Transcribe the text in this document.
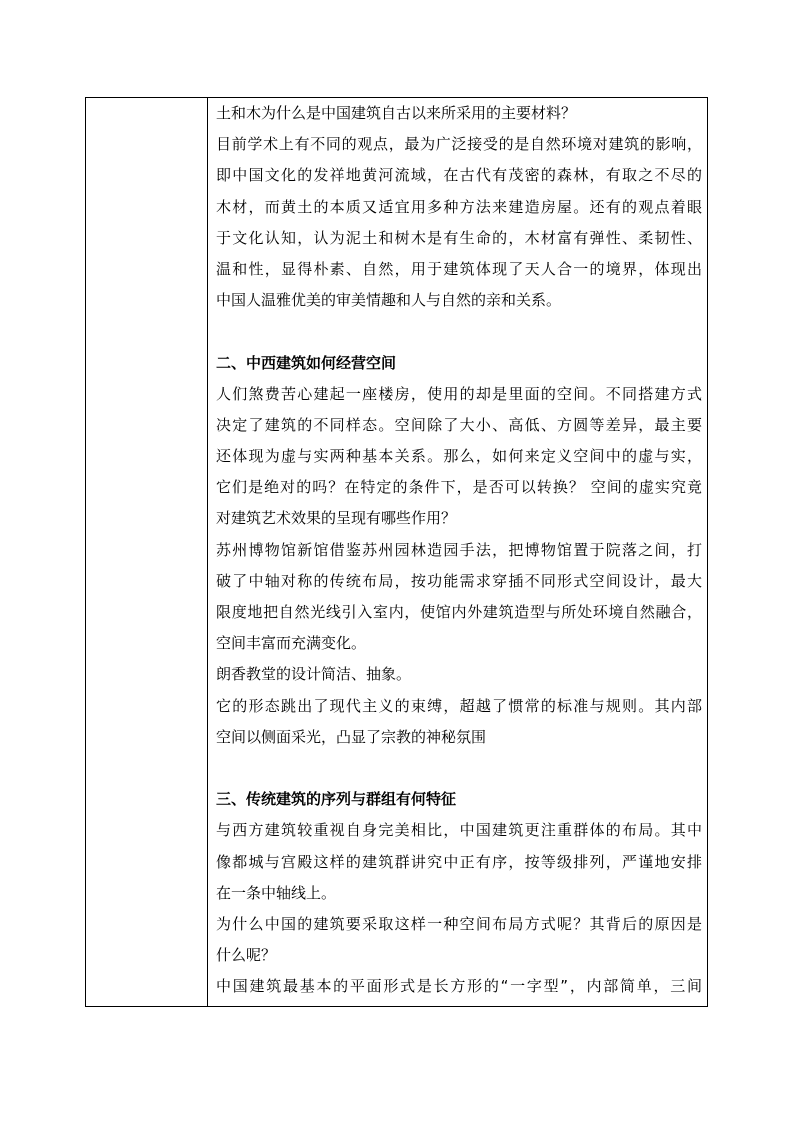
土和木为什么是中国建筑自古以来所采用的主要材料？
目前学术上有不同的观点，最为广泛接受的是自然环境对建筑的影响，
即中国文化的发祥地黄河流域，在古代有茂密的森林，有取之不尽的
木材，而黄土的本质又适宜用多种方法来建造房屋。还有的观点着眼
于文化认知，认为泥土和树木是有生命的，木材富有弹性、柔韧性、
温和性，显得朴素、自然，用于建筑体现了天人合一的境界，体现出
中国人温雅优美的审美情趣和人与自然的亲和关系。
二、中西建筑如何经营空间
人们煞费苦心建起一座楼房，使用的却是里面的空间。不同搭建方式
决定了建筑的不同样态。空间除了大小、高低、方圆等差异，最主要
还体现为虚与实两种基本关系。那么，如何来定义空间中的虚与实，
它们是绝对的吗？在特定的条件下，是否可以转换？ 空间的虚实究竟
对建筑艺术效果的呈现有哪些作用？
苏州博物馆新馆借鉴苏州园林造园手法，把博物馆置于院落之间，打
破了中轴对称的传统布局，按功能需求穿插不同形式空间设计，最大
限度地把自然光线引入室内，使馆内外建筑造型与所处环境自然融合，
空间丰富而充满变化。
朗香教堂的设计简洁、抽象。
它的形态跳出了现代主义的束缚，超越了惯常的标准与规则。其内部
空间以侧面采光，凸显了宗教的神秘氛围
三、传统建筑的序列与群组有何特征
与西方建筑较重视自身完美相比，中国建筑更注重群体的布局。其中
像都城与宫殿这样的建筑群讲究中正有序，按等级排列，严谨地安排
在一条中轴线上。
为什么中国的建筑要采取这样一种空间布局方式呢？其背后的原因是
什么呢？
中国建筑最基本的平面形式是长方形的“一字型”，内部简单，三间
